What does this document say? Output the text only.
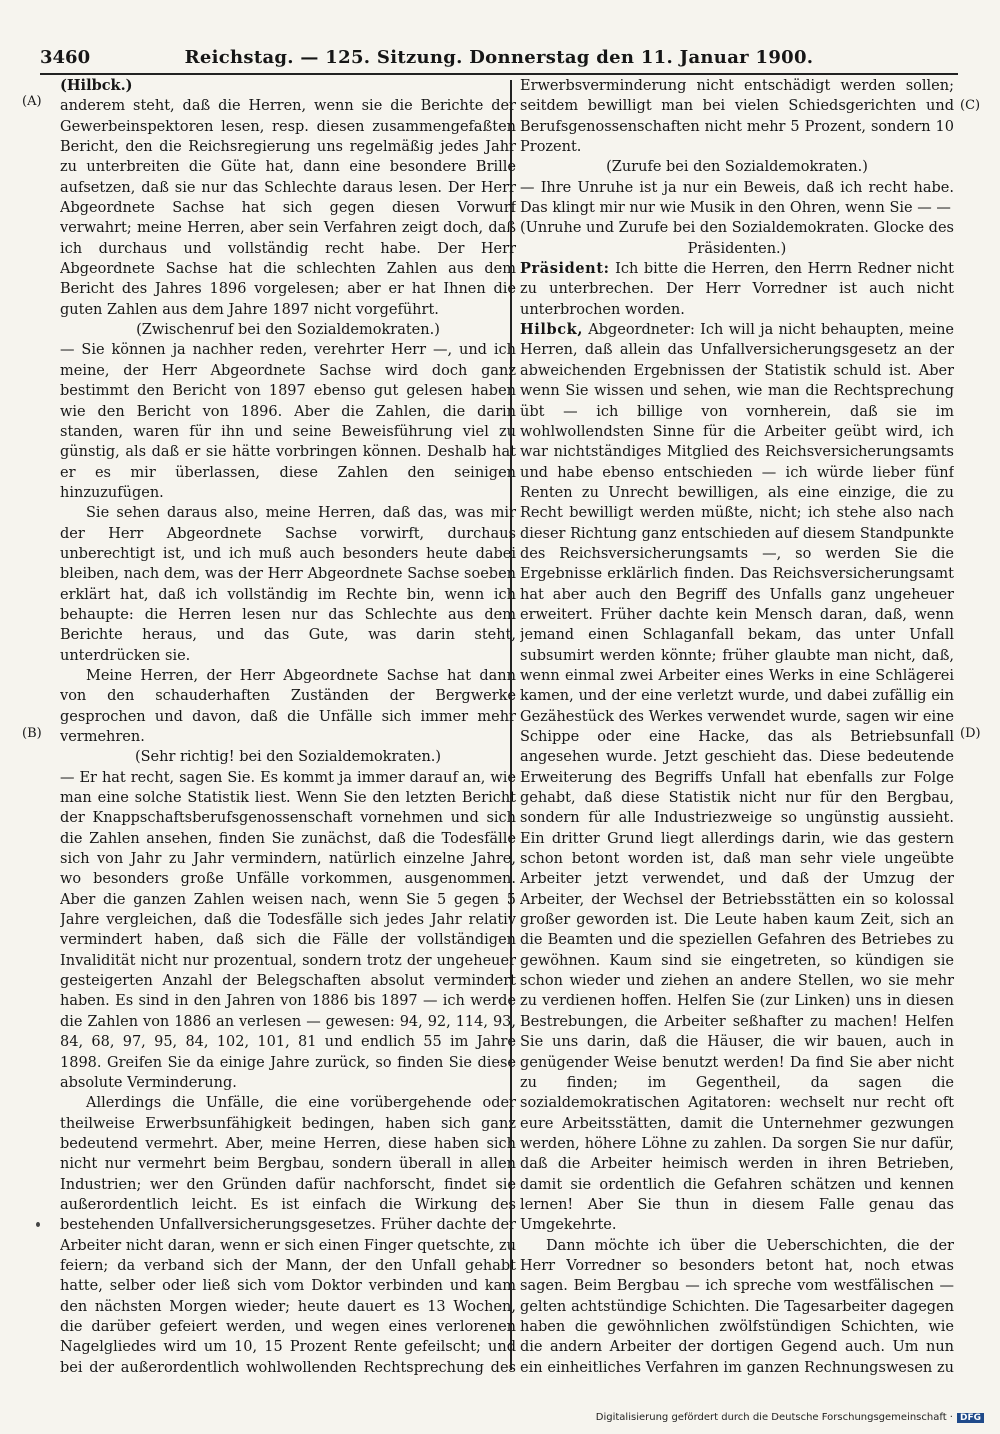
3460	Reichstag. — 125. Sitzung. Donnerstag den 11. Januar 1900.
(A)
(B)
(C)
(D)

(Hilbck.)

anderem steht, daß die Herren, wenn sie die Berichte der Gewerbeinspektoren lesen, resp. diesen zusammengefaßten Bericht, den die Reichsregierung uns regelmäßig jedes Jahr zu unterbreiten die Güte hat, dann eine besondere Brille aufsetzen, daß sie nur das Schlechte daraus lesen. Der Herr Abgeordnete Sachse hat sich gegen diesen Vorwurf verwahrt; meine Herren, aber sein Verfahren zeigt doch, daß ich durchaus und vollständig recht habe. Der Herr Abgeordnete Sachse hat die schlechten Zahlen aus dem Bericht des Jahres 1896 vorgelesen; aber er hat Ihnen die guten Zahlen aus dem Jahre 1897 nicht vorgeführt.

(Zwischenruf bei den Sozialdemokraten.)

— Sie können ja nachher reden, verehrter Herr —, und ich meine, der Herr Abgeordnete Sachse wird doch ganz bestimmt den Bericht von 1897 ebenso gut gelesen haben wie den Bericht von 1896. Aber die Zahlen, die darin standen, waren für ihn und seine Beweisführung viel zu günstig, als daß er sie hätte vorbringen können. Deshalb hat er es mir überlassen, diese Zahlen den seinigen hinzuzufügen.

Sie sehen daraus also, meine Herren, daß das, was mir der Herr Abgeordnete Sachse vorwirft, durchaus unberechtigt ist, und ich muß auch besonders heute dabei bleiben, nach dem, was der Herr Abgeordnete Sachse soeben erklärt hat, daß ich vollständig im Rechte bin, wenn ich behaupte: die Herren lesen nur das Schlechte aus dem Berichte heraus, und das Gute, was darin steht, unterdrücken sie.

Meine Herren, der Herr Abgeordnete Sachse hat dann von den schauderhaften Zuständen der Bergwerke gesprochen und davon, daß die Unfälle sich immer mehr vermehren.

(Sehr richtig! bei den Sozialdemokraten.)

— Er hat recht, sagen Sie. Es kommt ja immer darauf an, wie man eine solche Statistik liest. Wenn Sie den letzten Bericht der Knappschaftsberufsgenossenschaft vornehmen und sich die Zahlen ansehen, finden Sie zunächst, daß die Todesfälle sich von Jahr zu Jahr vermindern, natürlich einzelne Jahre, wo besonders große Unfälle vorkommen, ausgenommen. Aber die ganzen Zahlen weisen nach, wenn Sie 5 gegen 5 Jahre vergleichen, daß die Todesfälle sich jedes Jahr relativ vermindert haben, daß sich die Fälle der vollständigen Invalidität nicht nur prozentual, sondern trotz der ungeheuer gesteigerten Anzahl der Belegschaften absolut vermindert haben. Es sind in den Jahren von 1886 bis 1897 — ich werde die Zahlen von 1886 an verlesen — gewesen: 94, 92, 114, 93, 84, 68, 97, 95, 84, 102, 101, 81 und endlich 55 im Jahre 1898. Greifen Sie da einige Jahre zurück, so finden Sie diese absolute Verminderung.

Allerdings die Unfälle, die eine vorübergehende oder theilweise Erwerbsunfähigkeit bedingen, haben sich ganz bedeutend vermehrt. Aber, meine Herren, diese haben sich nicht nur vermehrt beim Bergbau, sondern überall in allen Industrien; wer den Gründen dafür nachforscht, findet sie außerordentlich leicht. Es ist einfach die Wirkung des bestehenden Unfallversicherungsgesetzes. Früher dachte der Arbeiter nicht daran, wenn er sich einen Finger quetschte, zu feiern; da verband sich der Mann, der den Unfall gehabt hatte, selber oder ließ sich vom Doktor verbinden und kam den nächsten Morgen wieder; heute dauert es 13 Wochen, die darüber gefeiert werden, und wegen eines verlorenen Nagelgliedes wird um 10, 15 Prozent Rente gefeilscht; und bei der außerordentlich wohlwollenden Rechtsprechung des

Erwerbsverminderung nicht entschädigt werden sollen; seitdem bewilligt man bei vielen Schiedsgerichten und Berufsgenossenschaften nicht mehr 5 Prozent, sondern 10 Prozent.

(Zurufe bei den Sozialdemokraten.)

— Ihre Unruhe ist ja nur ein Beweis, daß ich recht habe. Das klingt mir nur wie Musik in den Ohren, wenn Sie — —

(Unruhe und Zurufe bei den Sozialdemokraten. Glocke des Präsidenten.)

Präsident: Ich bitte die Herren, den Herrn Redner nicht zu unterbrechen. Der Herr Vorredner ist auch nicht unterbrochen worden.

Hilbck, Abgeordneter: Ich will ja nicht behaupten, meine Herren, daß allein das Unfallversicherungsgesetz an der abweichenden Ergebnissen der Statistik schuld ist. Aber wenn Sie wissen und sehen, wie man die Rechtsprechung übt — ich billige von vornherein, daß sie im wohlwollendsten Sinne für die Arbeiter geübt wird, ich war nichtständiges Mitglied des Reichsversicherungsamts und habe ebenso entschieden — ich würde lieber fünf Renten zu Unrecht bewilligen, als eine einzige, die zu Recht bewilligt werden müßte, nicht; ich stehe also nach dieser Richtung ganz entschieden auf diesem Standpunkte des Reichsversicherungsamts —, so werden Sie die Ergebnisse erklärlich finden. Das Reichsversicherungsamt hat aber auch den Begriff des Unfalls ganz ungeheuer erweitert. Früher dachte kein Mensch daran, daß, wenn jemand einen Schlaganfall bekam, das unter Unfall subsumirt werden könnte; früher glaubte man nicht, daß, wenn einmal zwei Arbeiter eines Werks in eine Schlägerei kamen, und der eine verletzt wurde, und dabei zufällig ein Gezähestück des Werkes verwendet wurde, sagen wir eine Schippe oder eine Hacke, das als Betriebsunfall angesehen wurde. Jetzt geschieht das. Diese bedeutende Erweiterung des Begriffs Unfall hat ebenfalls zur Folge gehabt, daß diese Statistik nicht nur für den Bergbau, sondern für alle Industriezweige so ungünstig aussieht. Ein dritter Grund liegt allerdings darin, wie das gestern schon betont worden ist, daß man sehr viele ungeübte Arbeiter jetzt verwendet, und daß der Umzug der Arbeiter, der Wechsel der Betriebsstätten ein so kolossal großer geworden ist. Die Leute haben kaum Zeit, sich an die Beamten und die speziellen Gefahren des Betriebes zu gewöhnen. Kaum sind sie eingetreten, so kündigen sie schon wieder und ziehen an andere Stellen, wo sie mehr zu verdienen hoffen. Helfen Sie (zur Linken) uns in diesen Bestrebungen, die Arbeiter seßhafter zu machen! Helfen Sie uns darin, daß die Häuser, die wir bauen, auch in genügender Weise benutzt werden! Da find Sie aber nicht zu finden; im Gegentheil, da sagen die sozialdemokratischen Agitatoren: wechselt nur recht oft eure Arbeitsstätten, damit die Unternehmer gezwungen werden, höhere Löhne zu zahlen. Da sorgen Sie nur dafür, daß die Arbeiter heimisch werden in ihren Betrieben, damit sie ordentlich die Gefahren schätzen und kennen lernen! Aber Sie thun in diesem Falle genau das Umgekehrte.

Dann möchte ich über die Ueberschichten, die der Herr Vorredner so besonders betont hat, noch etwas sagen. Beim Bergbau — ich spreche vom westfälischen — gelten achtstündige Schichten. Die Tagesarbeiter dagegen haben die gewöhnlichen zwölfstündigen Schichten, wie die andern Arbeiter der dortigen Gegend auch. Um nun ein einheitliches Verfahren im ganzen Rechnungswesen zu

Digitalisierung gefördert durch die Deutsche Forschungsgemeinschaft · DFG
